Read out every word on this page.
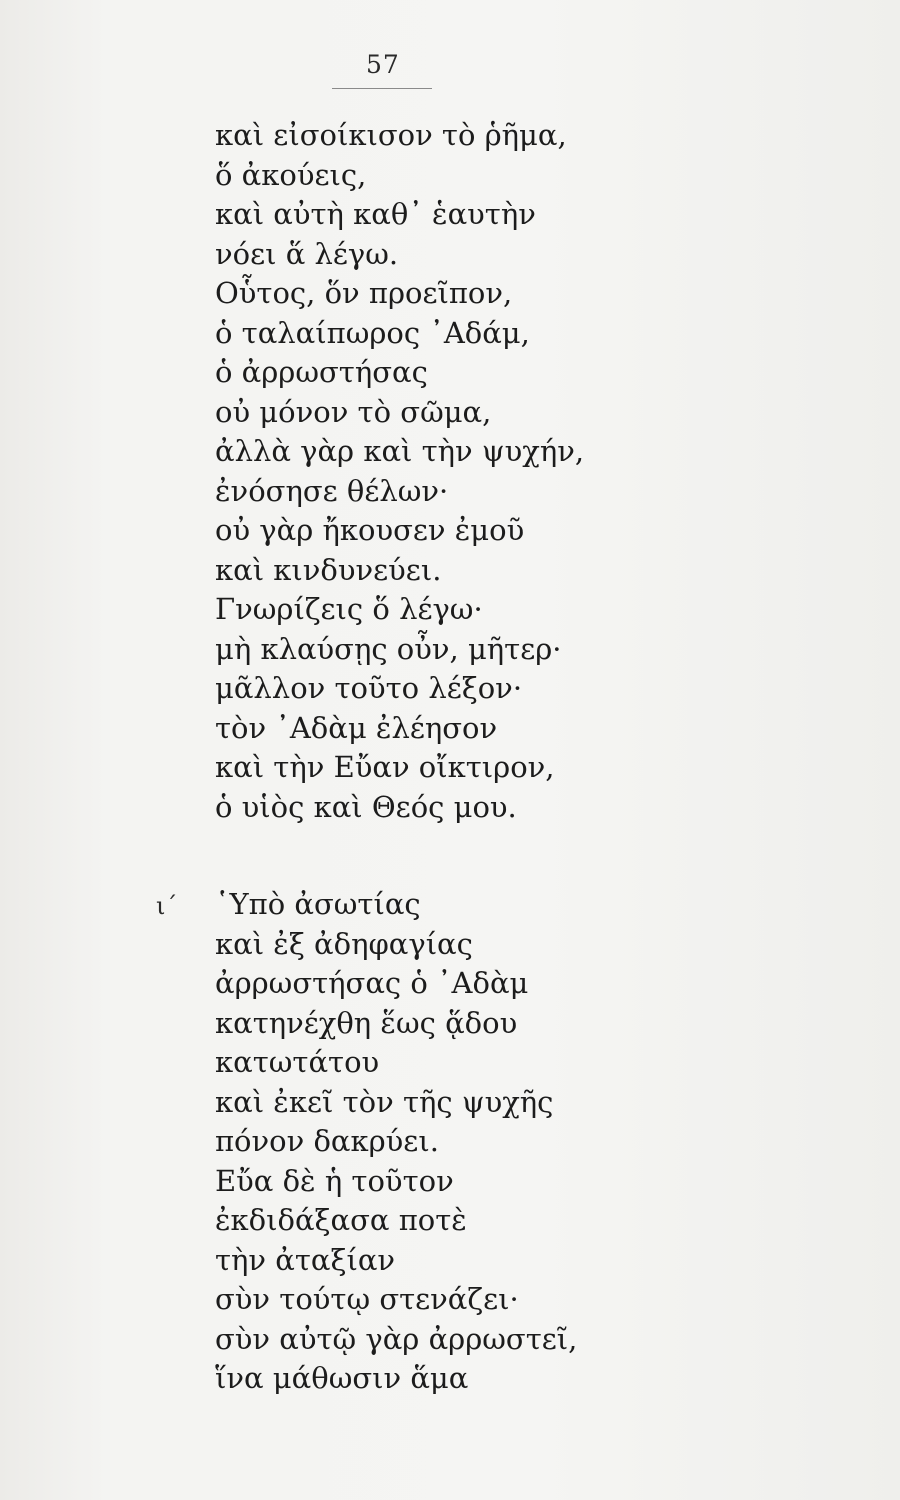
57
καὶ εἰσοίκισον τὸ ῥῆμα,
ὅ ἀκούεις,
καὶ αὐτὴ καθ᾽ ἑαυτὴν
νόει ἅ λέγω.
Οὗτος, ὅν προεῖπον,
ὁ ταλαίπωρος ᾿Αδάμ,
ὁ ἀρρωστήσας
οὐ μόνον τὸ σῶμα,
ἀλλὰ γὰρ καὶ τὴν ψυχήν,
ἐνόσησε θέλων·
οὐ γὰρ ἤκουσεν ἐμοῦ
καὶ κινδυνεύει.
Γνωρίζεις ὅ λέγω·
μὴ κλαύσῃς οὖν, μῆτερ·
μᾶλλον τοῦτο λέξον·
τὸν ᾿Αδὰμ ἐλέησον
καὶ τὴν Εὔαν οἴκτιρον,
ὁ υἱὸς καὶ Θεός μου.
ι´ ῾Υπὸ ἀσωτίας
καὶ ἐξ ἀδηφαγίας
ἀρρωστήσας ὁ ᾿Αδὰμ
κατηνέχθη ἕως ᾅδου
κατωτάτου
καὶ ἐκεῖ τὸν τῆς ψυχῆς
πόνον δακρύει.
Εὔα δὲ ἡ τοῦτον
ἐκδιδάξασα ποτὲ
τὴν ἀταξίαν
σὺν τούτῳ στενάζει·
σὺν αὐτῷ γὰρ ἀρρωστεῖ,
ἵνα μάθωσιν ἅμα
